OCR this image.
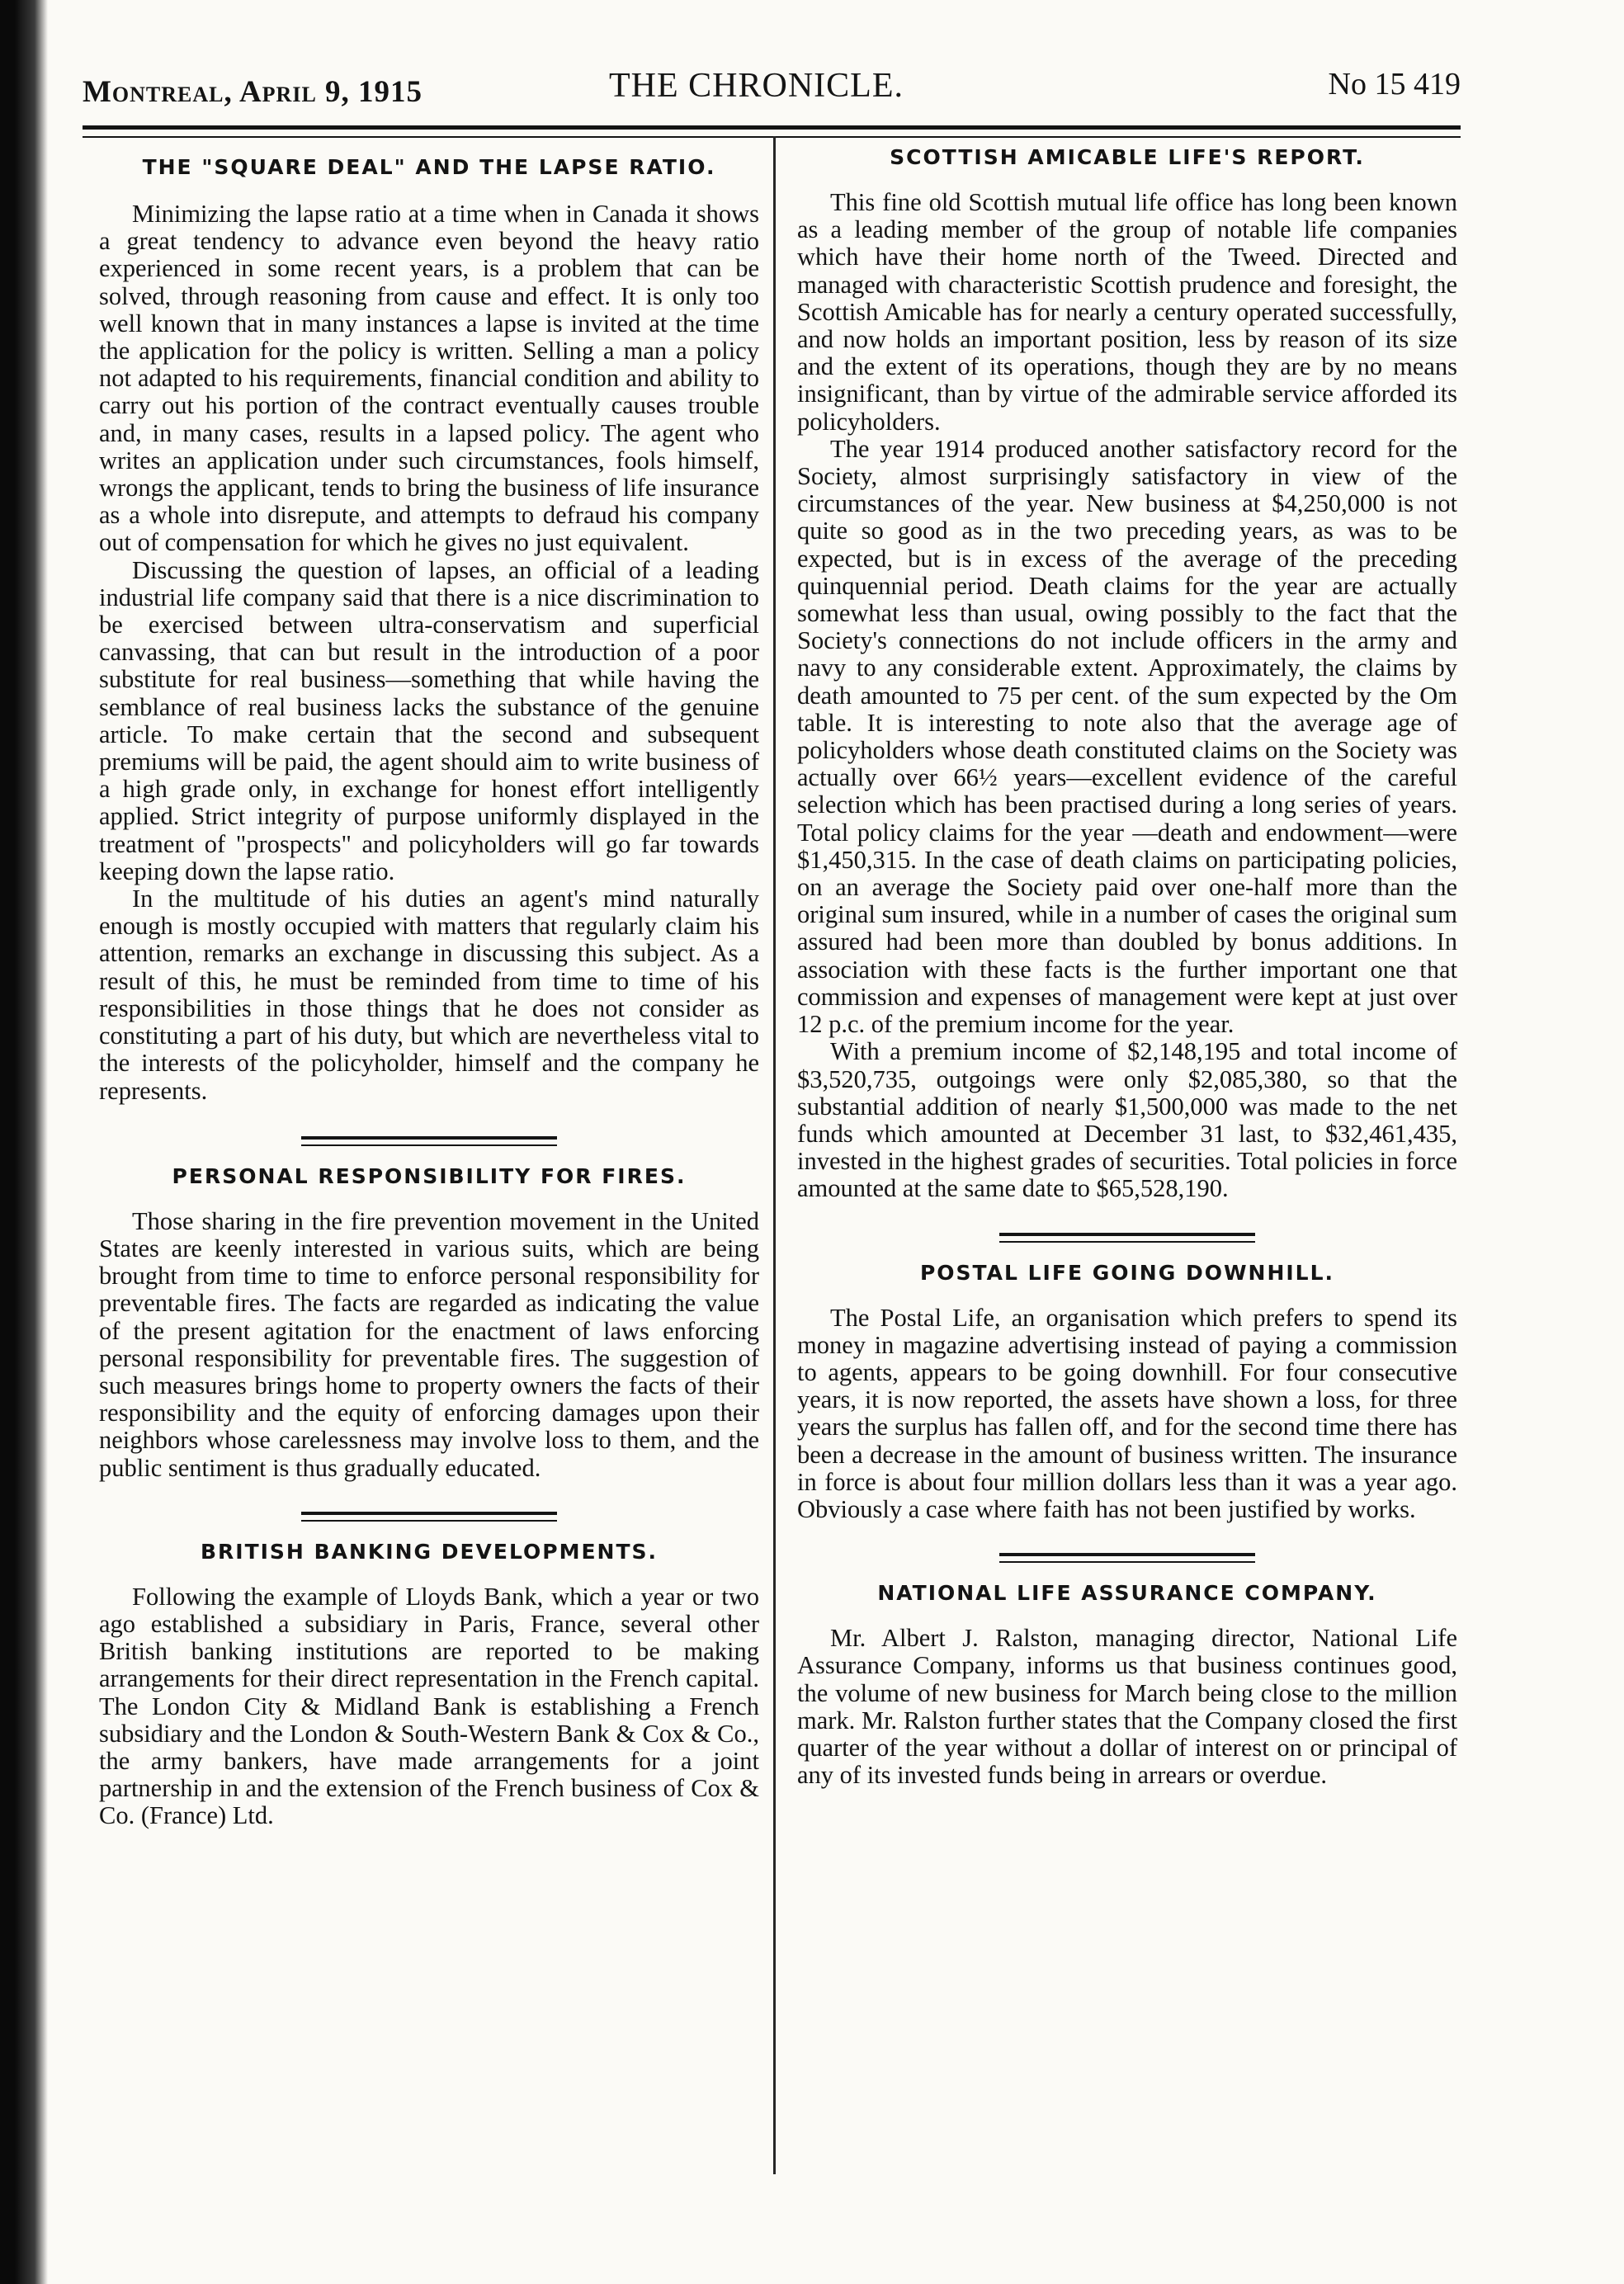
Montreal, April 9, 1915	THE CHRONICLE.	No 15 419
THE "SQUARE DEAL" AND THE LAPSE RATIO.

Minimizing the lapse ratio at a time when in Canada it shows a great tendency to advance even beyond the heavy ratio experienced in some recent years, is a problem that can be solved, through reasoning from cause and effect. It is only too well known that in many instances a lapse is invited at the time the application for the policy is written. Selling a man a policy not adapted to his requirements, financial condition and ability to carry out his portion of the contract eventually causes trouble and, in many cases, results in a lapsed policy. The agent who writes an application under such circumstances, fools himself, wrongs the applicant, tends to bring the business of life insurance as a whole into disrepute, and attempts to defraud his company out of compensation for which he gives no just equivalent.

Discussing the question of lapses, an official of a leading industrial life company said that there is a nice discrimination to be exercised between ultra-conservatism and superficial canvassing, that can but result in the introduction of a poor substitute for real business—something that while having the semblance of real business lacks the substance of the genuine article. To make certain that the second and subsequent premiums will be paid, the agent should aim to write business of a high grade only, in exchange for honest effort intelligently applied. Strict integrity of purpose uniformly displayed in the treatment of "prospects" and policyholders will go far towards keeping down the lapse ratio.

In the multitude of his duties an agent's mind naturally enough is mostly occupied with matters that regularly claim his attention, remarks an exchange in discussing this subject. As a result of this, he must be reminded from time to time of his responsibilities in those things that he does not consider as constituting a part of his duty, but which are nevertheless vital to the interests of the policyholder, himself and the company he represents.

PERSONAL RESPONSIBILITY FOR FIRES.

Those sharing in the fire prevention movement in the United States are keenly interested in various suits, which are being brought from time to time to enforce personal responsibility for preventable fires. The facts are regarded as indicating the value of the present agitation for the enactment of laws enforcing personal responsibility for preventable fires. The suggestion of such measures brings home to property owners the facts of their responsibility and the equity of enforcing damages upon their neighbors whose carelessness may involve loss to them, and the public sentiment is thus gradually educated.

BRITISH BANKING DEVELOPMENTS.

Following the example of Lloyds Bank, which a year or two ago established a subsidiary in Paris, France, several other British banking institutions are reported to be making arrangements for their direct representation in the French capital. The London City & Midland Bank is establishing a French subsidiary and the London & South-Western Bank & Cox & Co., the army bankers, have made arrangements for a joint partnership in and the extension of the French business of Cox & Co. (France) Ltd.

SCOTTISH AMICABLE LIFE'S REPORT.

This fine old Scottish mutual life office has long been known as a leading member of the group of notable life companies which have their home north of the Tweed. Directed and managed with characteristic Scottish prudence and foresight, the Scottish Amicable has for nearly a century operated successfully, and now holds an important position, less by reason of its size and the extent of its operations, though they are by no means insignificant, than by virtue of the admirable service afforded its policyholders.

The year 1914 produced another satisfactory record for the Society, almost surprisingly satisfactory in view of the circumstances of the year. New business at $4,250,000 is not quite so good as in the two preceding years, as was to be expected, but is in excess of the average of the preceding quinquennial period. Death claims for the year are actually somewhat less than usual, owing possibly to the fact that the Society's connections do not include officers in the army and navy to any considerable extent. Approximately, the claims by death amounted to 75 per cent. of the sum expected by the Om table. It is interesting to note also that the average age of policyholders whose death constituted claims on the Society was actually over 66½ years—excellent evidence of the careful selection which has been practised during a long series of years. Total policy claims for the year —death and endowment—were $1,450,315. In the case of death claims on participating policies, on an average the Society paid over one-half more than the original sum insured, while in a number of cases the original sum assured had been more than doubled by bonus additions. In association with these facts is the further important one that commission and expenses of management were kept at just over 12 p.c. of the premium income for the year.

With a premium income of $2,148,195 and total income of $3,520,735, outgoings were only $2,085,380, so that the substantial addition of nearly $1,500,000 was made to the net funds which amounted at December 31 last, to $32,461,435, invested in the highest grades of securities. Total policies in force amounted at the same date to $65,528,190.

POSTAL LIFE GOING DOWNHILL.

The Postal Life, an organisation which prefers to spend its money in magazine advertising instead of paying a commission to agents, appears to be going downhill. For four consecutive years, it is now reported, the assets have shown a loss, for three years the surplus has fallen off, and for the second time there has been a decrease in the amount of business written. The insurance in force is about four million dollars less than it was a year ago. Obviously a case where faith has not been justified by works.

NATIONAL LIFE ASSURANCE COMPANY.

Mr. Albert J. Ralston, managing director, National Life Assurance Company, informs us that business continues good, the volume of new business for March being close to the million mark. Mr. Ralston further states that the Company closed the first quarter of the year without a dollar of interest on or principal of any of its invested funds being in arrears or overdue.
